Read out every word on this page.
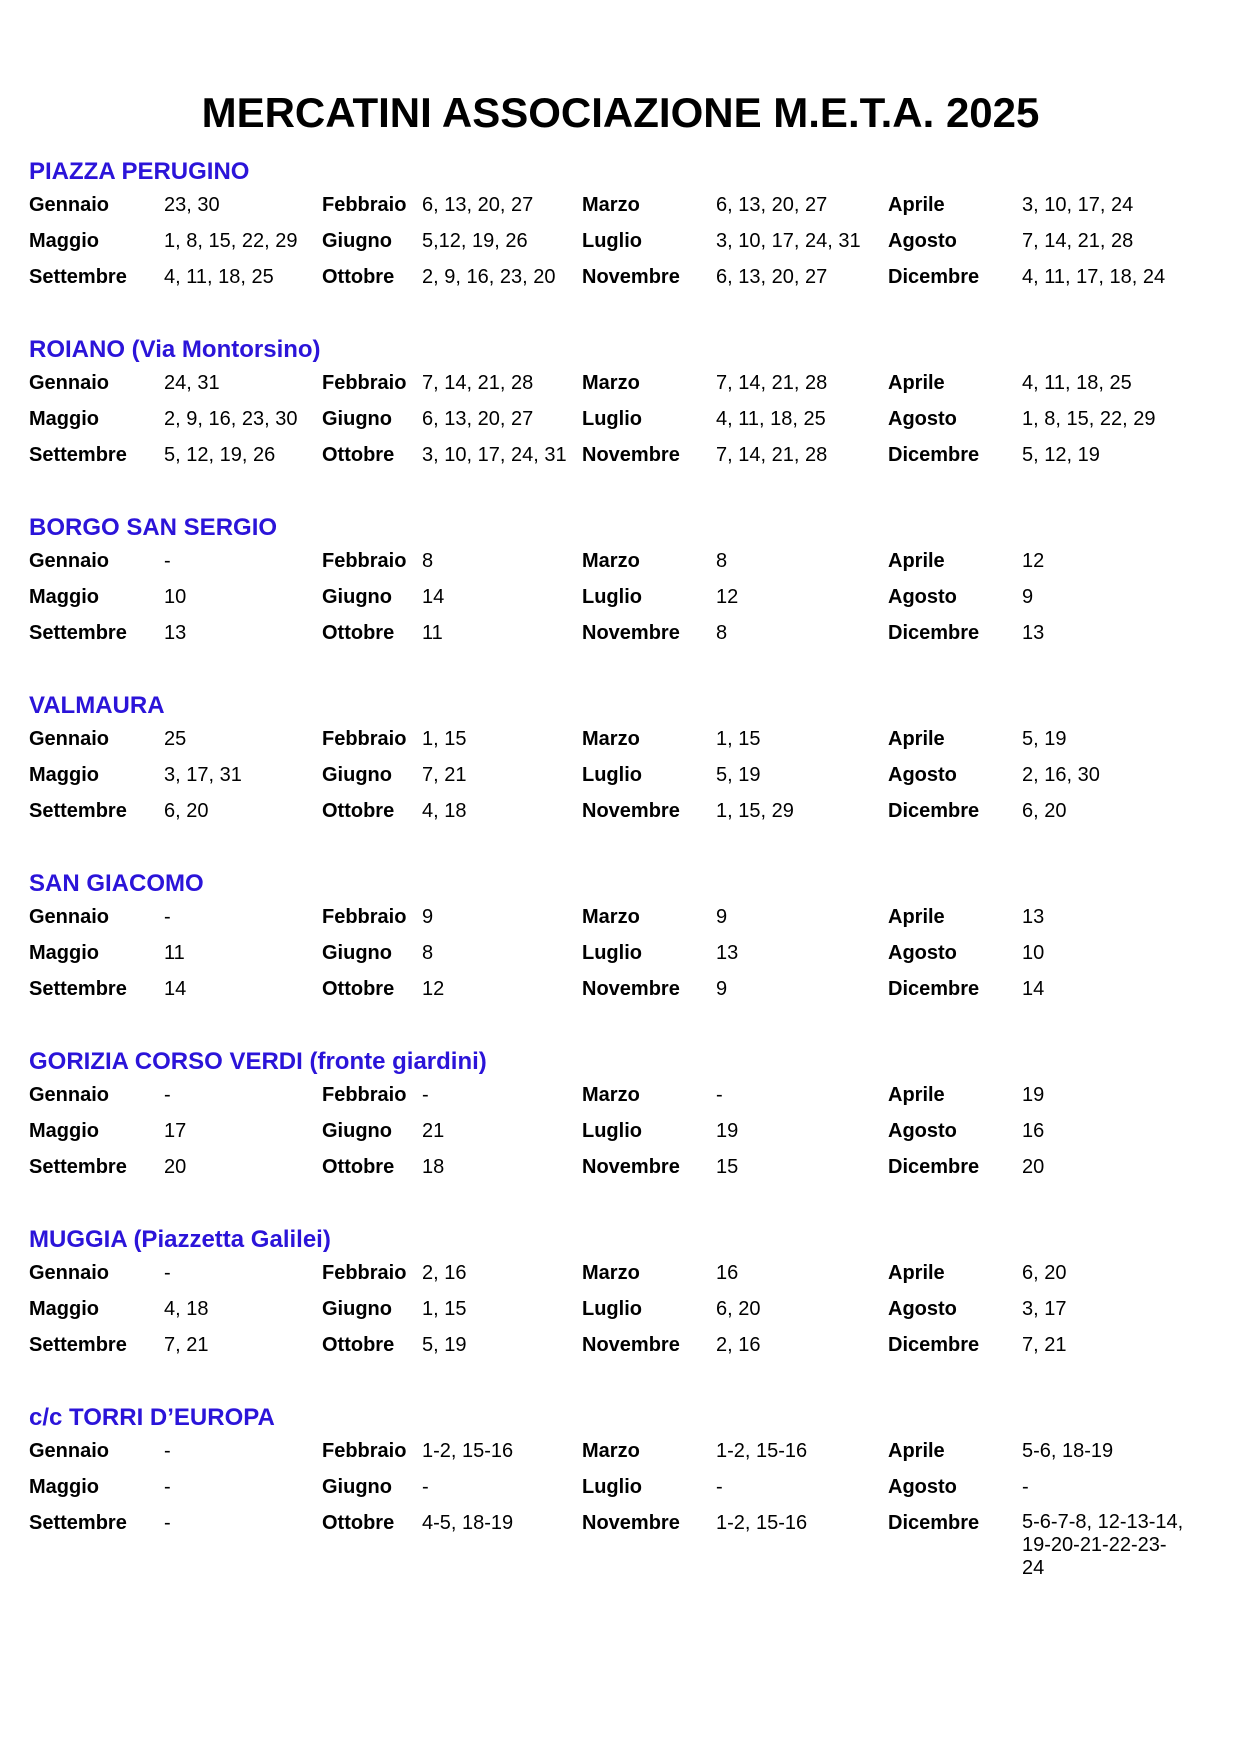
MERCATINI ASSOCIAZIONE M.E.T.A. 2025
PIAZZA PERUGINO
Gennaio	23, 30	Febbraio 6, 13, 20, 27 Marzo	6, 13, 20, 27	Aprile	3, 10, 17, 24
Maggio	1, 8, 15, 22, 29 Giugno 5,12, 19, 26	Luglio	3, 10, 17, 24, 31 Agosto	7, 14, 21, 28
Settembre 4, 11, 18, 25 Ottobre 2, 9, 16, 23, 20 Novembre 6, 13, 20, 27	Dicembre 4, 11, 17, 18, 24
ROIANO (Via Montorsino)
Gennaio	24, 31	Febbraio 7, 14, 21, 28 Marzo	7, 14, 21, 28	Aprile	4, 11, 18, 25
Maggio	2, 9, 16, 23, 30 Giugno 6, 13, 20, 27 Luglio	4, 11, 18, 25	Agosto	1, 8, 15, 22, 29
Settembre 5, 12, 19, 26 Ottobre 3, 10, 17, 24, 31 Novembre 7, 14, 21, 28	Dicembre 5, 12, 19
BORGO SAN SERGIO
Gennaio	-	Febbraio 8	Marzo	8	Aprile	12
Maggio	10	Giugno 14	Luglio	12	Agosto	9
Settembre 13	Ottobre 11	Novembre 8	Dicembre 13
VALMAURA
Gennaio	25	Febbraio 1, 15	Marzo	1, 15	Aprile	5, 19
Maggio	3, 17, 31	Giugno 7, 21	Luglio	5, 19	Agosto	2, 16, 30
Settembre 6, 20	Ottobre 4, 18	Novembre 1, 15, 29	Dicembre 6, 20
SAN GIACOMO
Gennaio	-	Febbraio 9	Marzo	9	Aprile	13
Maggio	11	Giugno 8	Luglio	13	Agosto	10
Settembre 14	Ottobre 12	Novembre 9	Dicembre 14
GORIZIA CORSO VERDI (fronte giardini)
Gennaio	-	Febbraio -	Marzo	-	Aprile	19
Maggio	17	Giugno 21	Luglio	19	Agosto	16
Settembre 20	Ottobre 18	Novembre 15	Dicembre 20
MUGGIA (Piazzetta Galilei)
Gennaio	-	Febbraio 2, 16	Marzo	16	Aprile	6, 20
Maggio	4, 18	Giugno 1, 15	Luglio	6, 20	Agosto	3, 17
Settembre 7, 21	Ottobre 5, 19	Novembre 2, 16	Dicembre 7, 21
c/c TORRI D’EUROPA
Gennaio	-	Febbraio 1-2, 15-16	Marzo	1-2, 15-16	Aprile	5-6, 18-19
Maggio	-	Giugno -	Luglio	-	Agosto	-
Settembre -	Ottobre 4-5, 18-19	Novembre 1-2, 15-16	Dicembre 5-6-7-8, 12-13-14, 19-20-21-22-23-24
